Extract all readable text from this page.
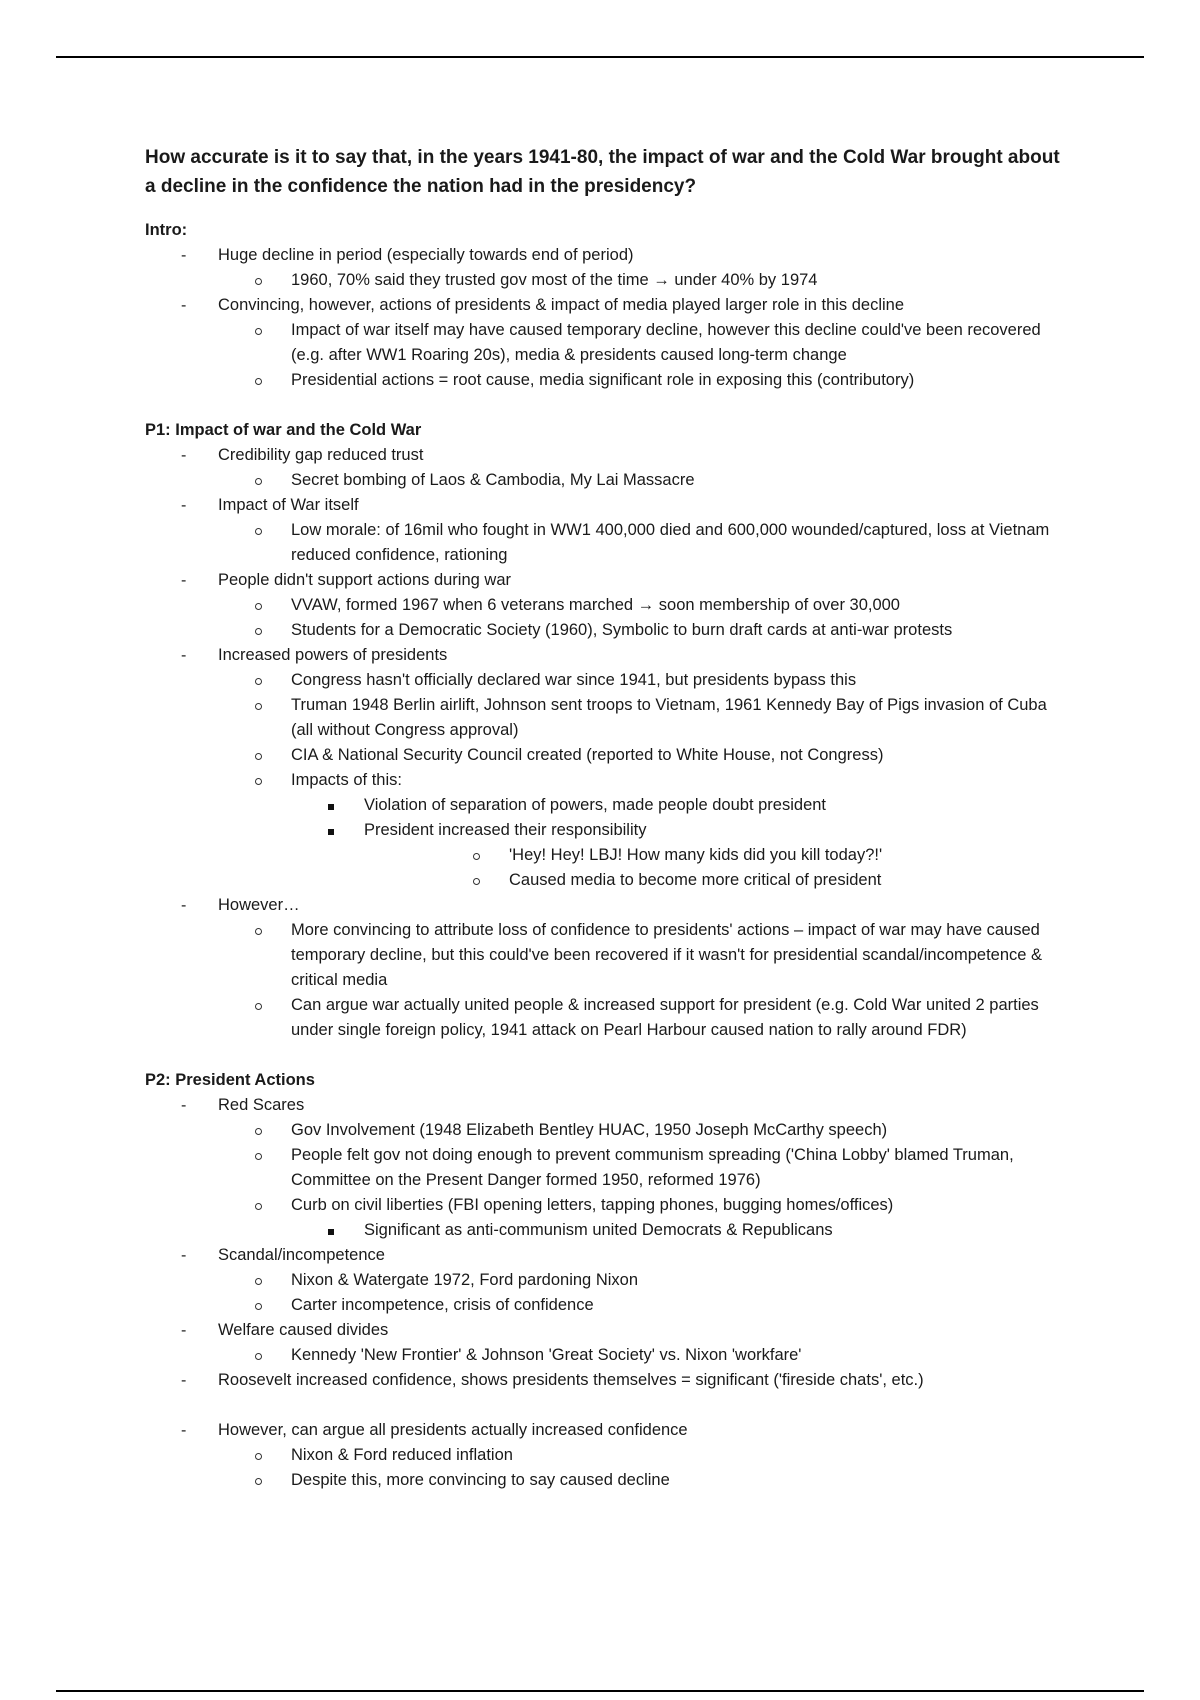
How accurate is it to say that, in the years 1941-80, the impact of war and the Cold War brought about a decline in the confidence the nation had in the presidency?

Intro:

-	Huge decline in period (especially towards end of period)
1960, 70% said they trusted gov most of the time → under 40% by 1974
-	Convincing, however, actions of presidents & impact of media played larger role in this decline
Impact of war itself may have caused temporary decline, however this decline could've been recovered (e.g. after WW1 Roaring 20s), media & presidents caused long-term change
Presidential actions = root cause, media significant role in exposing this (contributory)

P1: Impact of war and the Cold War

-	Credibility gap reduced trust
Secret bombing of Laos & Cambodia, My Lai Massacre
-	Impact of War itself
Low morale: of 16mil who fought in WW1 400,000 died and 600,000 wounded/captured, loss at Vietnam reduced confidence, rationing
-	People didn't support actions during war
VVAW, formed 1967 when 6 veterans marched → soon membership of over 30,000
Students for a Democratic Society (1960), Symbolic to burn draft cards at anti-war protests
-	Increased powers of presidents
Congress hasn't officially declared war since 1941, but presidents bypass this
Truman 1948 Berlin airlift, Johnson sent troops to Vietnam, 1961 Kennedy Bay of Pigs invasion of Cuba (all without Congress approval)
CIA & National Security Council created (reported to White House, not Congress)
Impacts of this:
Violation of separation of powers, made people doubt president
President increased their responsibility
'Hey! Hey! LBJ! How many kids did you kill today?!'
Caused media to become more critical of president
-	However…
More convincing to attribute loss of confidence to presidents' actions – impact of war may have caused temporary decline, but this could've been recovered if it wasn't for presidential scandal/incompetence & critical media
Can argue war actually united people & increased support for president (e.g. Cold War united 2 parties under single foreign policy, 1941 attack on Pearl Harbour caused nation to rally around FDR)

P2: President Actions

-	Red Scares
Gov Involvement (1948 Elizabeth Bentley HUAC, 1950 Joseph McCarthy speech)
People felt gov not doing enough to prevent communism spreading ('China Lobby' blamed Truman, Committee on the Present Danger formed 1950, reformed 1976)
Curb on civil liberties (FBI opening letters, tapping phones, bugging homes/offices)
Significant as anti-communism united Democrats & Republicans
-	Scandal/incompetence
Nixon & Watergate 1972, Ford pardoning Nixon
Carter incompetence, crisis of confidence
-	Welfare caused divides
Kennedy 'New Frontier' & Johnson 'Great Society' vs. Nixon 'workfare'
-	Roosevelt increased confidence, shows presidents themselves = significant ('fireside chats', etc.)
-	However, can argue all presidents actually increased confidence
Nixon & Ford reduced inflation
Despite this, more convincing to say caused decline
